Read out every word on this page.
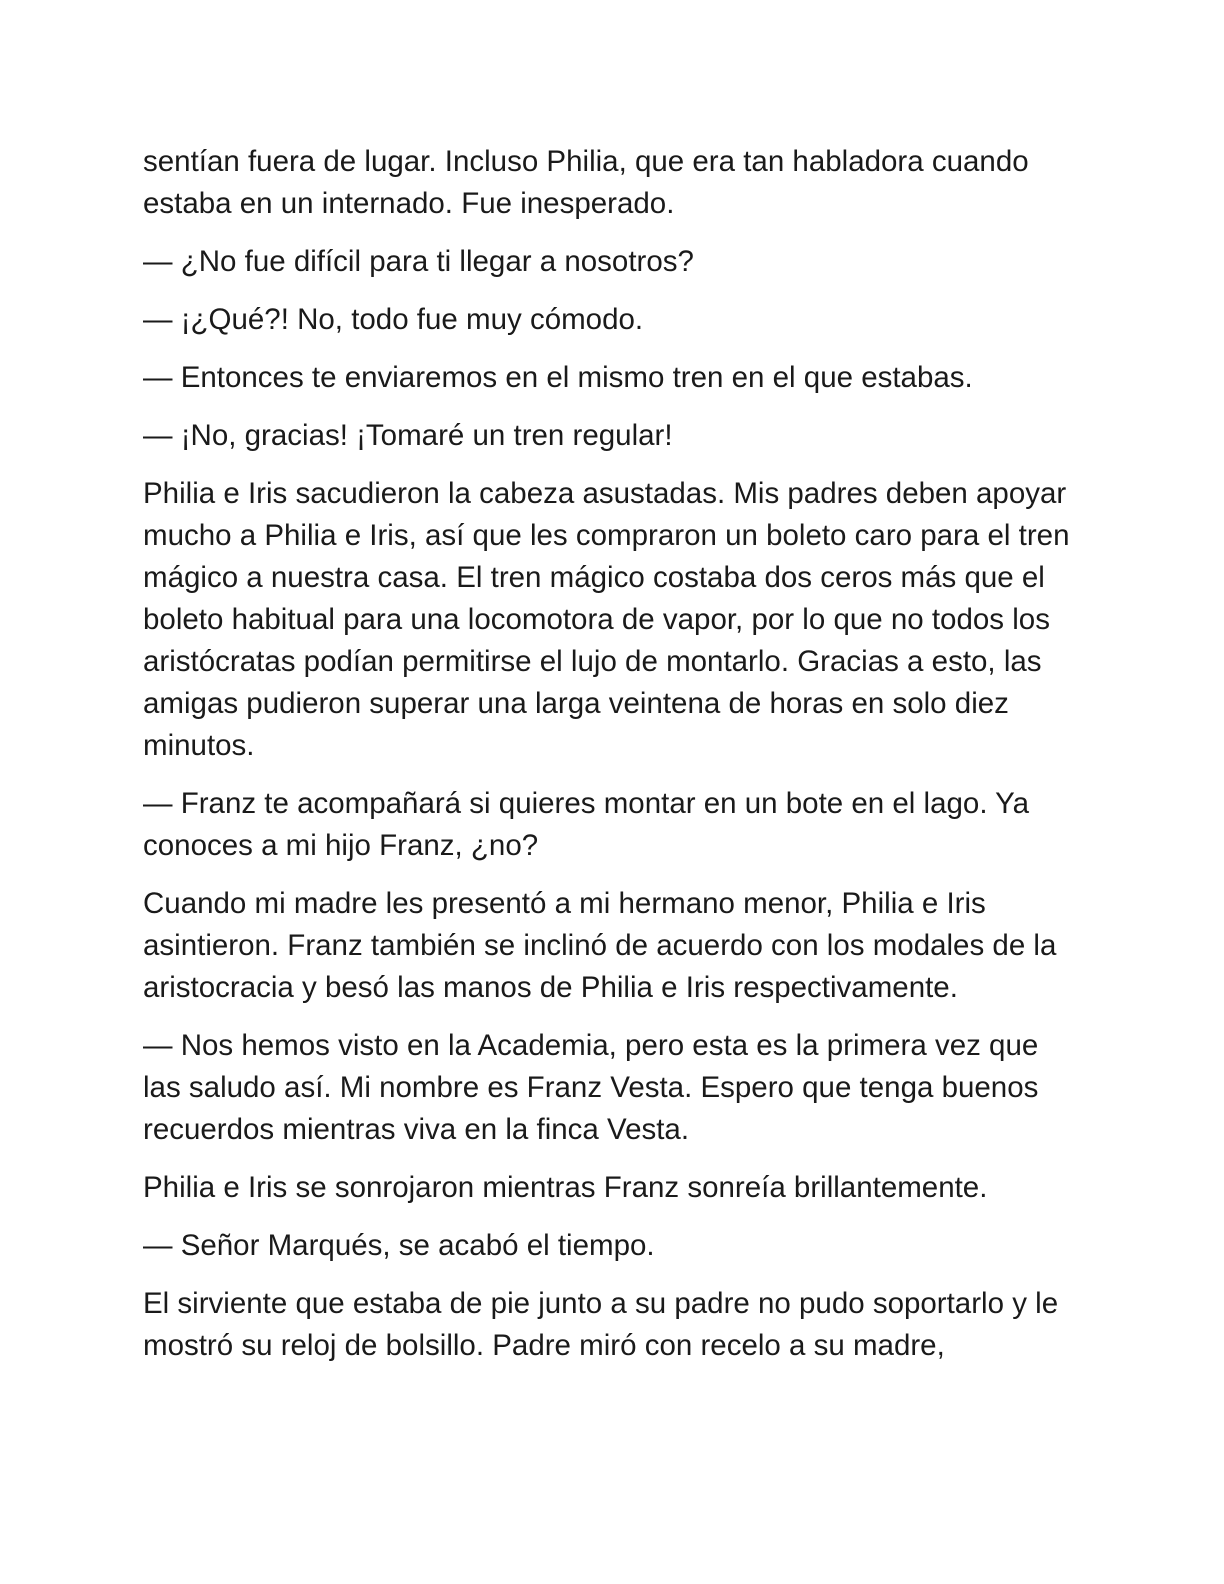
sentían fuera de lugar. Incluso Philia, que era tan habladora cuando estaba en un internado. Fue inesperado.

— ¿No fue difícil para ti llegar a nosotros?

— ¡¿Qué?! No, todo fue muy cómodo.

— Entonces te enviaremos en el mismo tren en el que estabas.

— ¡No, gracias! ¡Tomaré un tren regular!

Philia e Iris sacudieron la cabeza asustadas. Mis padres deben apoyar mucho a Philia e Iris, así que les compraron un boleto caro para el tren mágico a nuestra casa. El tren mágico costaba dos ceros más que el boleto habitual para una locomotora de vapor, por lo que no todos los aristócratas podían permitirse el lujo de montarlo. Gracias a esto, las amigas pudieron superar una larga veintena de horas en solo diez minutos.

— Franz te acompañará si quieres montar en un bote en el lago. Ya conoces a mi hijo Franz, ¿no?

Cuando mi madre les presentó a mi hermano menor, Philia e Iris asintieron. Franz también se inclinó de acuerdo con los modales de la aristocracia y besó las manos de Philia e Iris respectivamente.

— Nos hemos visto en la Academia, pero esta es la primera vez que las saludo así. Mi nombre es Franz Vesta. Espero que tenga buenos recuerdos mientras viva en la finca Vesta.

Philia e Iris se sonrojaron mientras Franz sonreía brillantemente.

— Señor Marqués, se acabó el tiempo.

El sirviente que estaba de pie junto a su padre no pudo soportarlo y le mostró su reloj de bolsillo. Padre miró con recelo a su madre,
